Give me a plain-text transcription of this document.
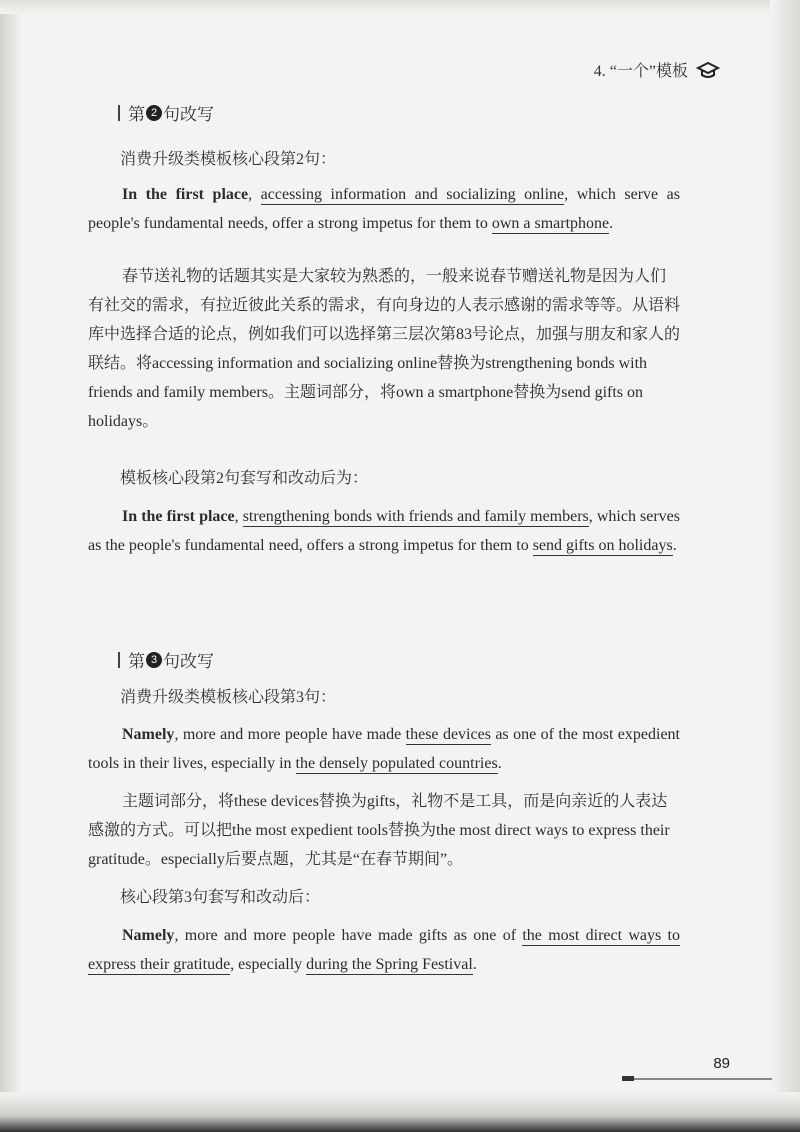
4. “一个”模板
第 2 句改写
消费升级类模板核心段第2句：
In the first place, accessing information and socializing online, which serve as people's fundamental needs, offer a strong impetus for them to own a smartphone.
春节送礼物的话题其实是大家较为熟悉的，一般来说春节赠送礼物是因为人们有社交的需求，有拉近彼此关系的需求，有向身边的人表示感谢的需求等等。从语料库中选择合适的论点，例如我们可以选择第三层次第83号论点，加强与朋友和家人的联结。将accessing information and socializing online替换为strengthening bonds with friends and family members。主题词部分，将own a smartphone替换为send gifts on holidays。
模板核心段第2句套写和改动后为：
In the first place, strengthening bonds with friends and family members, which serves as the people's fundamental need, offers a strong impetus for them to send gifts on holidays.
第 3 句改写
消费升级类模板核心段第3句：
Namely, more and more people have made these devices as one of the most expedient tools in their lives, especially in the densely populated countries.
主题词部分，将these devices替换为gifts，礼物不是工具，而是向亲近的人表达感激的方式。可以把the most expedient tools替换为the most direct ways to express their gratitude。especially后要点题，尤其是“在春节期间”。
核心段第3句套写和改动后：
Namely, more and more people have made gifts as one of the most direct ways to express their gratitude, especially during the Spring Festival.
89
